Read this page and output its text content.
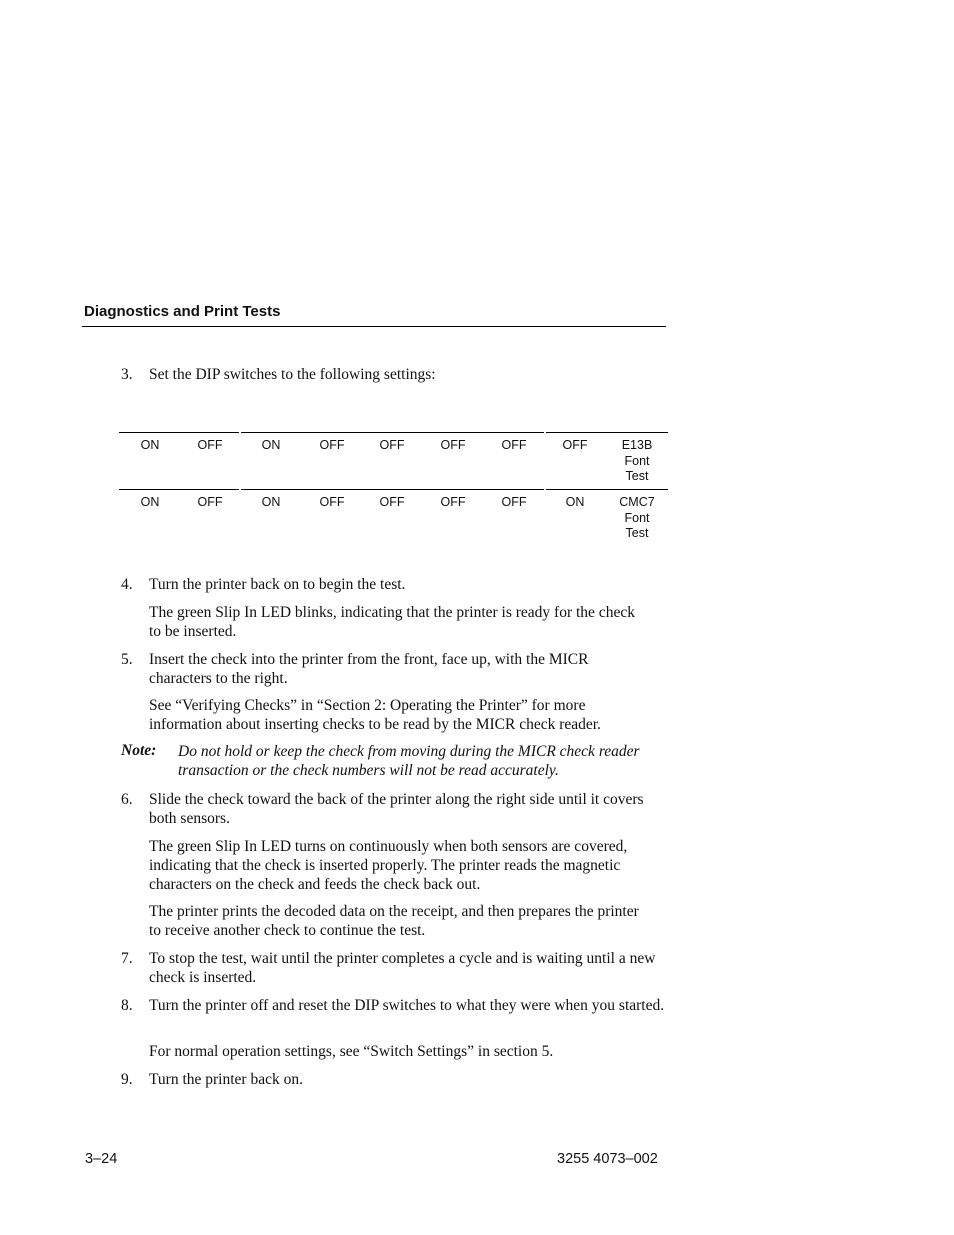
Diagnostics and Print Tests
3. Set the DIP switches to the following settings:
ON	OFF	ON	OFF	OFF	OFF	OFF	OFF	E13B
Font
Test
ON	OFF	ON	OFF	OFF	OFF	OFF	ON	CMC7
Font
Test
4. Turn the printer back on to begin the test.
The green Slip In LED blinks, indicating that the printer is ready for the check to be inserted.
5. Insert the check into the printer from the front, face up, with the MICR characters to the right.
See “Verifying Checks” in “Section 2: Operating the Printer” for more information about inserting checks to be read by the MICR check reader.
Note: Do not hold or keep the check from moving during the MICR check reader transaction or the check numbers will not be read accurately.
6. Slide the check toward the back of the printer along the right side until it covers both sensors.
The green Slip In LED turns on continuously when both sensors are covered, indicating that the check is inserted properly. The printer reads the magnetic characters on the check and feeds the check back out.
The printer prints the decoded data on the receipt, and then prepares the printer to receive another check to continue the test.
7. To stop the test, wait until the printer completes a cycle and is waiting until a new check is inserted.
8. Turn the printer off and reset the DIP switches to what they were when you started.
For normal operation settings, see “Switch Settings” in section 5.
9. Turn the printer back on.
3–24	3255 4073–002
